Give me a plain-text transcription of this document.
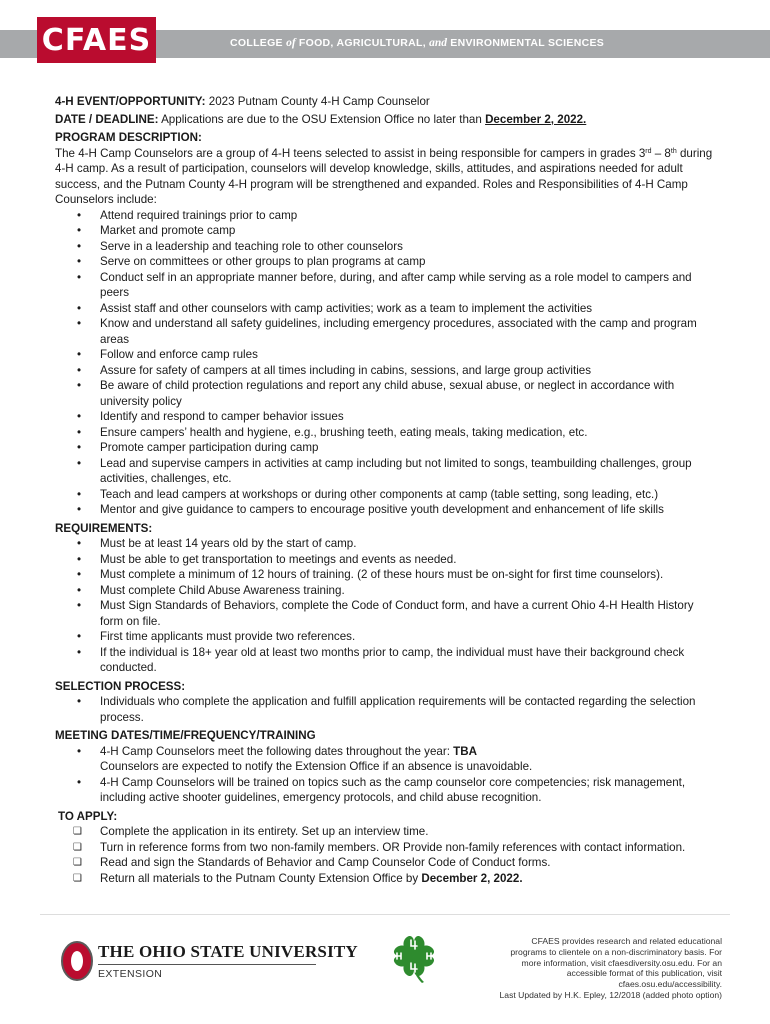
COLLEGE of FOOD, AGRICULTURAL, and ENVIRONMENTAL SCIENCES
CFAES

4-H EVENT/OPPORTUNITY: 2023 Putnam County 4-H Camp Counselor

DATE / DEADLINE: Applications are due to the OSU Extension Office no later than December 2, 2022.

PROGRAM DESCRIPTION:

The 4-H Camp Counselors are a group of 4-H teens selected to assist in being responsible for campers in grades 3rd – 8th during 4-H camp. As a result of participation, counselors will develop knowledge, skills, attitudes, and aspirations needed for adult success, and the Putnam County 4-H program will be strengthened and expanded. Roles and Responsibilities of 4-H Camp Counselors include:

• Attend required trainings prior to camp
• Market and promote camp
• Serve in a leadership and teaching role to other counselors
• Serve on committees or other groups to plan programs at camp
• Conduct self in an appropriate manner before, during, and after camp while serving as a role model to campers and peers
• Assist staff and other counselors with camp activities; work as a team to implement the activities
• Know and understand all safety guidelines, including emergency procedures, associated with the camp and program areas
• Follow and enforce camp rules
• Assure for safety of campers at all times including in cabins, sessions, and large group activities
• Be aware of child protection regulations and report any child abuse, sexual abuse, or neglect in accordance with university policy
• Identify and respond to camper behavior issues
• Ensure campers’ health and hygiene, e.g., brushing teeth, eating meals, taking medication, etc.
• Promote camper participation during camp
• Lead and supervise campers in activities at camp including but not limited to songs, teambuilding challenges, group activities, challenges, etc.
• Teach and lead campers at workshops or during other components at camp (table setting, song leading, etc.)
• Mentor and give guidance to campers to encourage positive youth development and enhancement of life skills

REQUIREMENTS:

• Must be at least 14 years old by the start of camp.
• Must be able to get transportation to meetings and events as needed.
• Must complete a minimum of 12 hours of training. (2 of these hours must be on-sight for first time counselors).
• Must complete Child Abuse Awareness training.
• Must Sign Standards of Behaviors, complete the Code of Conduct form, and have a current Ohio 4-H Health History form on file.
• First time applicants must provide two references.
• If the individual is 18+ year old at least two months prior to camp, the individual must have their background check conducted.

SELECTION PROCESS:

• Individuals who complete the application and fulfill application requirements will be contacted regarding the selection process.

MEETING DATES/TIME/FREQUENCY/TRAINING

• 4-H Camp Counselors meet the following dates throughout the year: TBA
Counselors are expected to notify the Extension Office if an absence is unavoidable.
• 4-H Camp Counselors will be trained on topics such as the camp counselor core competencies; risk management, including active shooter guidelines, emergency protocols, and child abuse recognition.

TO APPLY:

❏ Complete the application in its entirety. Set up an interview time.
❏ Turn in reference forms from two non-family members. OR Provide non-family references with contact information.
❏ Read and sign the Standards of Behavior and Camp Counselor Code of Conduct forms.
❏ Return all materials to the Putnam County Extension Office by December 2, 2022.
THE OHIO STATE UNIVERSITY
EXTENSION
CFAES provides research and related educational
programs to clientele on a non-discriminatory basis. For
more information, visit cfaesdiversity.osu.edu. For an
accessible format of this publication, visit
cfaes.osu.edu/accessibility.
Last Updated by H.K. Epley, 12/2018 (added photo option)
